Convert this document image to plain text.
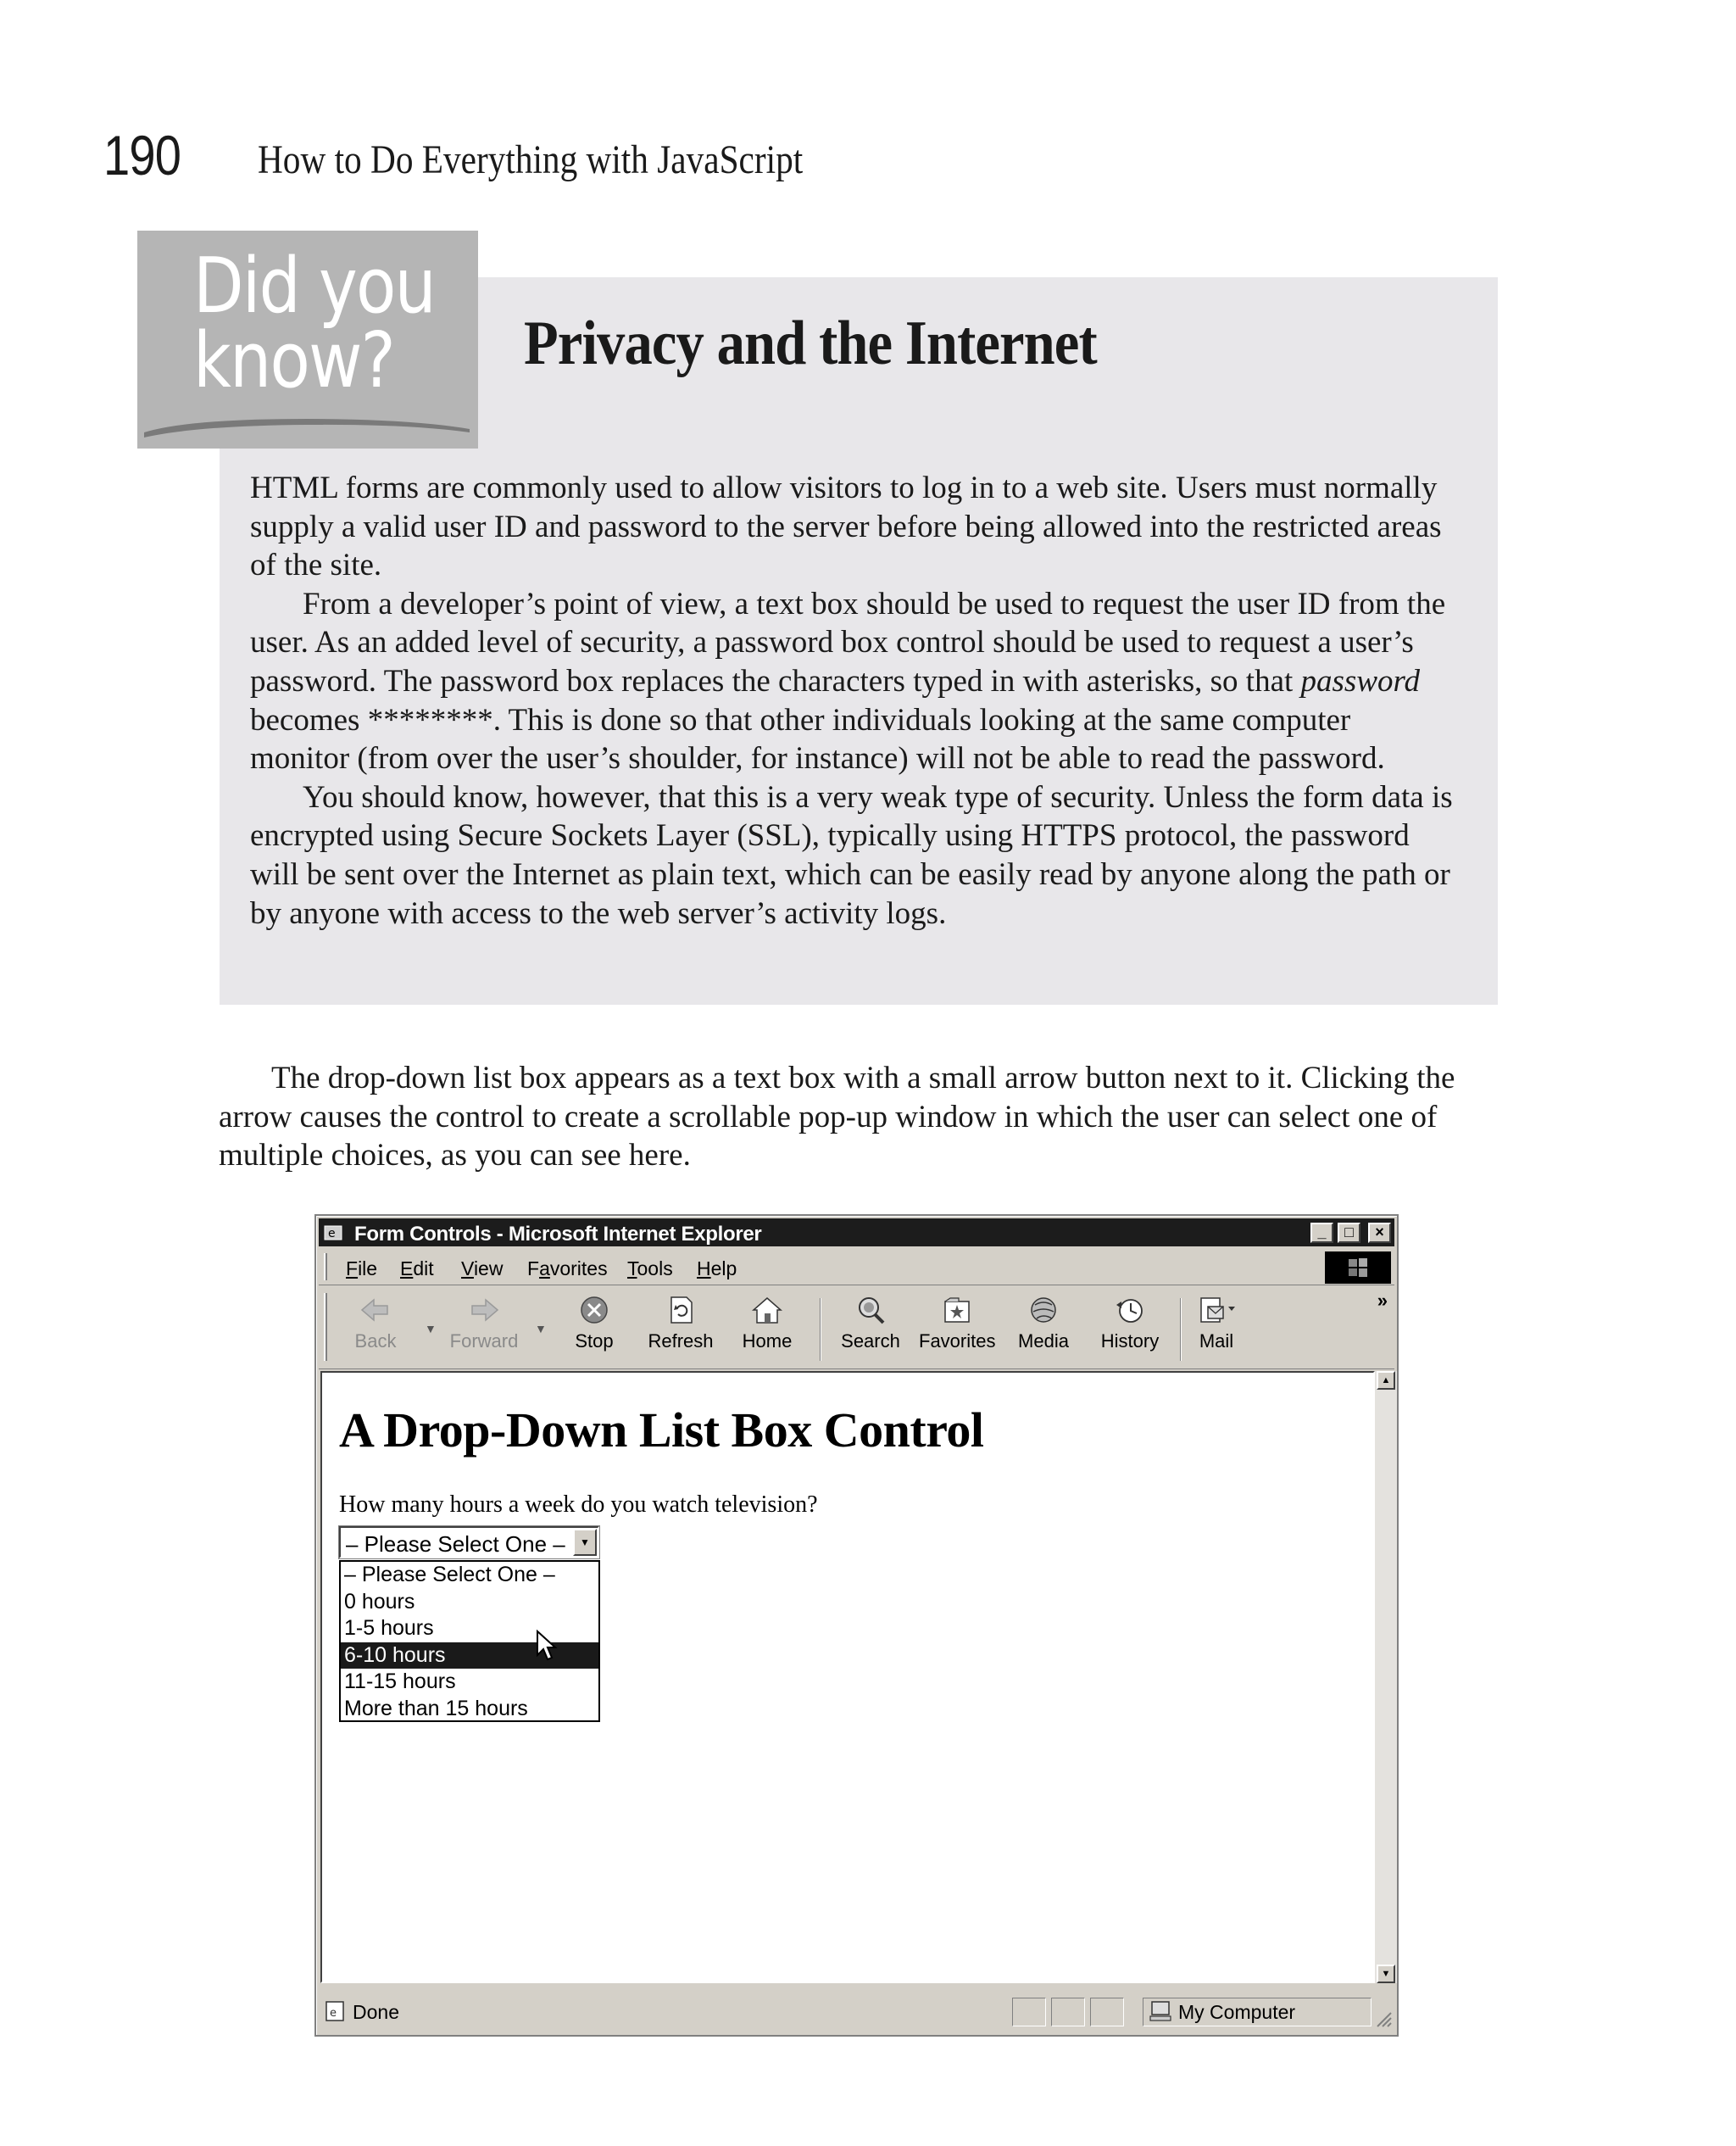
190 How to Do Everything with JavaScript
Did you
know?	Privacy and the Internet

HTML forms are commonly used to allow visitors to log in to a web site. Users must normally supply a valid user ID and password to the server before being allowed into the restricted areas of the site.

From a developer’s point of view, a text box should be used to request the user ID from the user. As an added level of security, a password box control should be used to request a user’s password. The password box replaces the characters typed in with asterisks, so that password becomes ********. This is done so that other individuals looking at the same computer monitor (from over the user’s shoulder, for instance) will not be able to read the password.

You should know, however, that this is a very weak type of security. Unless the form data is encrypted using Secure Sockets Layer (SSL), typically using HTTPS protocol, the password will be sent over the Internet as plain text, which can be easily read by anyone along the path or by anyone with access to the web server’s activity logs.

The drop-down list box appears as a text box with a small arrow button next to it. Clicking the arrow causes the control to create a scrollable pop-up window in which the user can select one of multiple choices, as you can see here.
e Form Controls - Microsoft Internet Explorer	_	□	×
File Edit View Favorites Tools Help
Back
▼
Forward
▼
Stop	Refresh	Home	Search	Favorites	Media	History	Mail
»
A Drop-Down List Box Control
How many hours a week do you watch television?
– Please Select One –	▼
– Please Select One –
0 hours
1-5 hours
6-10 hours
11-15 hours
More than 15 hours
▲
▼
e Done	My Computer
